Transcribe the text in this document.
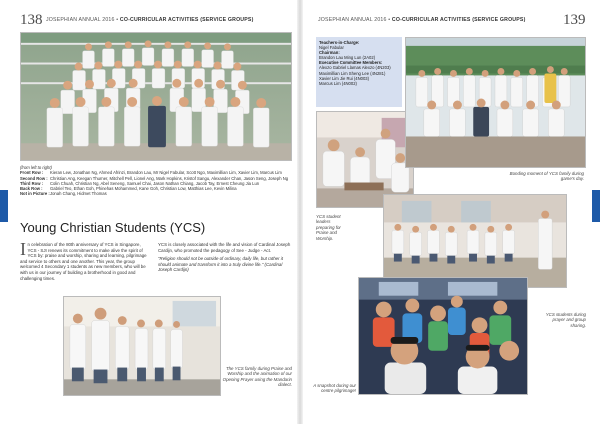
138 JOSEPHIAN ANNUAL 2016 • CO-CURRICULAR ACTIVITIES (SERVICE GROUPS)
(from left to right)
Front Row :	Kieran Lew, Jonathan Ng, Ahmed Afrinzi, Brandon Lau, Mr Nigel Fabular, Scott Ngo, Maximillian Lim, Xavier Lim, Marcus Lim
Second Row : Christian Ang, Keegan Thurner, Mitchell Pell, Lionel Ang, Mark Hopkins, Kristof Sangu, Alexander Chan, Jason Seng, Joseph Ng
Third Row :	Colin Chuah, Christian Ng, Abel Seneng, Samuel Chai, Jason Nathan Chiang, Jacob Tay, Ernest Cheung Jia Lun
Back Row :	Gabriel Teo, Ethan Goh, Phinehas Mohammed, Kane Goh, Christian Low, Matthias Lee, Kevin Milina
Not in Picture : Jonah Chang, Hidmet Thomas
Young Christian Students (YCS)
In celebration of the 80th anniversary of YCS in Singapore, YCS - SJI renews its commitment to make alive the spirit of YCS by: praise and worship, sharing and learning, pilgrimage and service to others and one another. This year, the group welcomed 4 Secondary 1 students as new members, who will be with us in our journey of building a brotherhood in good and challenging times.
YCS is closely associated with the life and vision of Cardinal Joseph Cardijn, who promoted the pedagogy of See - Judge - Act.
"Religion should not be outside of ordinary, daily life, but rather it should animate and transform it into a truly divine life." (Cardinal Joseph Cardijn)
The YCS family during Praise and Worship and the animation of our Opening Prayer using the Mandarin dialect.
JOSEPHIAN ANNUAL 2016 • CO-CURRICULAR ACTIVITIES (SERVICE GROUPS)	139
Teachers-in-Charge:
Nigel Fabular
Chairman:
Brandon Lau Ming Lun (2A02)
Executive Committee Members:
Alexzo Gabriel Llamas Alexzo (4N203)
Maximillian Lim Sheng Lee (4N281)
Xavier Lim Jie Rui (4N003)
Marcus Lim (4N002)
YCS student leaders preparing for Praise and Worship.
Bonding moment of YCS family during game's day.
YCS students during prayer and group sharing.
A snapshot during our centre pilgrimage!
